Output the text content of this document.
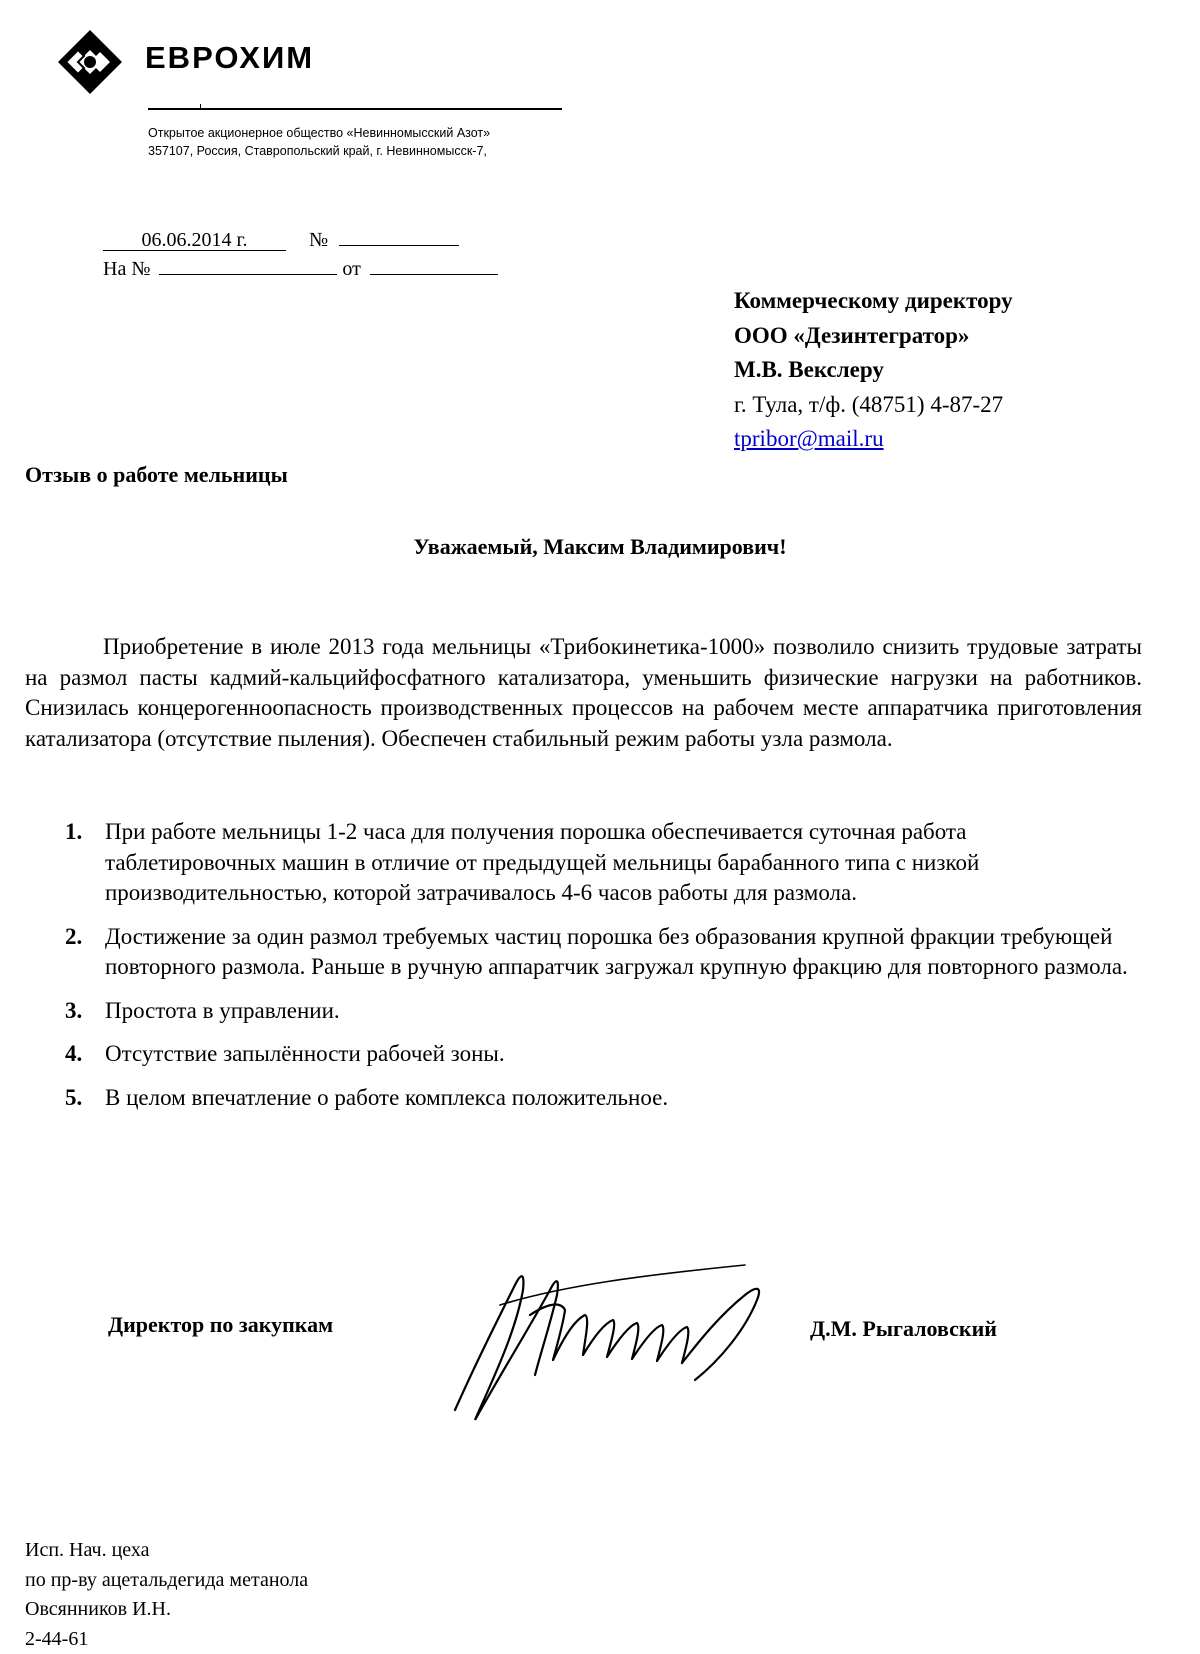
ЕВРОХИМ
Открытое акционерное общество «Невинномысский Азот»
357107, Россия, Ставропольский край, г. Невинномысск-7,
06.06.2014 г.	№
На №	от
Коммерческому директору
ООО «Дезинтегратор»
М.В. Векслеру
г. Тула, т/ф. (48751) 4-87-27
tpribor@mail.ru
Отзыв о работе мельницы
Уважаемый, Максим Владимирович!

Приобретение в июле 2013 года мельницы «Трибокинетика-1000» позволило снизить трудовые затраты на размол пасты кадмий-кальцийфосфатного катализатора, уменьшить физические нагрузки на работников. Снизилась концерогенноопасность производственных процессов на рабочем месте аппаратчика приготовления катализатора (отсутствие пыления). Обеспечен стабильный режим работы узла размола.

1. При работе мельницы 1-2 часа для получения порошка обеспечивается суточная работа таблетировочных машин в отличие от предыдущей мельницы барабанного типа с низкой производительностью, которой затрачивалось 4-6 часов работы для размола.
2. Достижение за один размол требуемых частиц порошка без образования крупной фракции требующей повторного размола. Раньше в ручную аппаратчик загружал крупную фракцию для повторного размола.
3. Простота в управлении.
4. Отсутствие запылённости рабочей зоны.
5. В целом впечатление о работе комплекса положительное.
Директор по закупкам	Д.М. Рыгаловский
Исп. Нач. цеха
по пр-ву ацетальдегида метанола
Овсянников И.Н.
2-44-61
